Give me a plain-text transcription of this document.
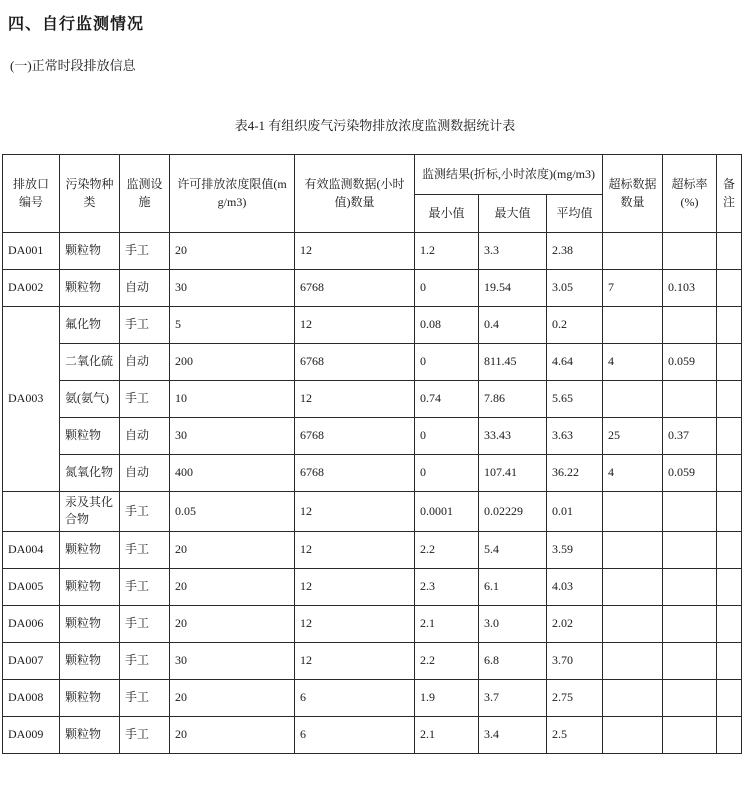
四、自行监测情况

(一)正常时段排放信息

表4-1 有组织废气污染物排放浓度监测数据统计表

排放口编号	污染物种类	监测设施	许可排放浓度限值(mg/m3)	有效监测数据(小时值)数量	监测结果(折标,小时浓度)(mg/m3)			超标数据数量	超标率(%)	备注
					最小值	最大值	平均值			
DA001	颗粒物	手工	20	12	1.2	3.3	2.38			
DA002	颗粒物	自动	30	6768	0	19.54	3.05	7	0.103	
DA003	氟化物	手工	5	12	0.08	0.4	0.2			
	二氧化硫	自动	200	6768	0	811.45	4.64	4	0.059	
	氨(氨气)	手工	10	12	0.74	7.86	5.65			
	颗粒物	自动	30	6768	0	33.43	3.63	25	0.37	
	氮氧化物	自动	400	6768	0	107.41	36.22	4	0.059	
	汞及其化合物	手工	0.05	12	0.0001	0.02229	0.01			
DA004	颗粒物	手工	20	12	2.2	5.4	3.59			
DA005	颗粒物	手工	20	12	2.3	6.1	4.03			
DA006	颗粒物	手工	20	12	2.1	3.0	2.02			
DA007	颗粒物	手工	30	12	2.2	6.8	3.70			
DA008	颗粒物	手工	20	6	1.9	3.7	2.75			
DA009	颗粒物	手工	20	6	2.1	3.4	2.5			
